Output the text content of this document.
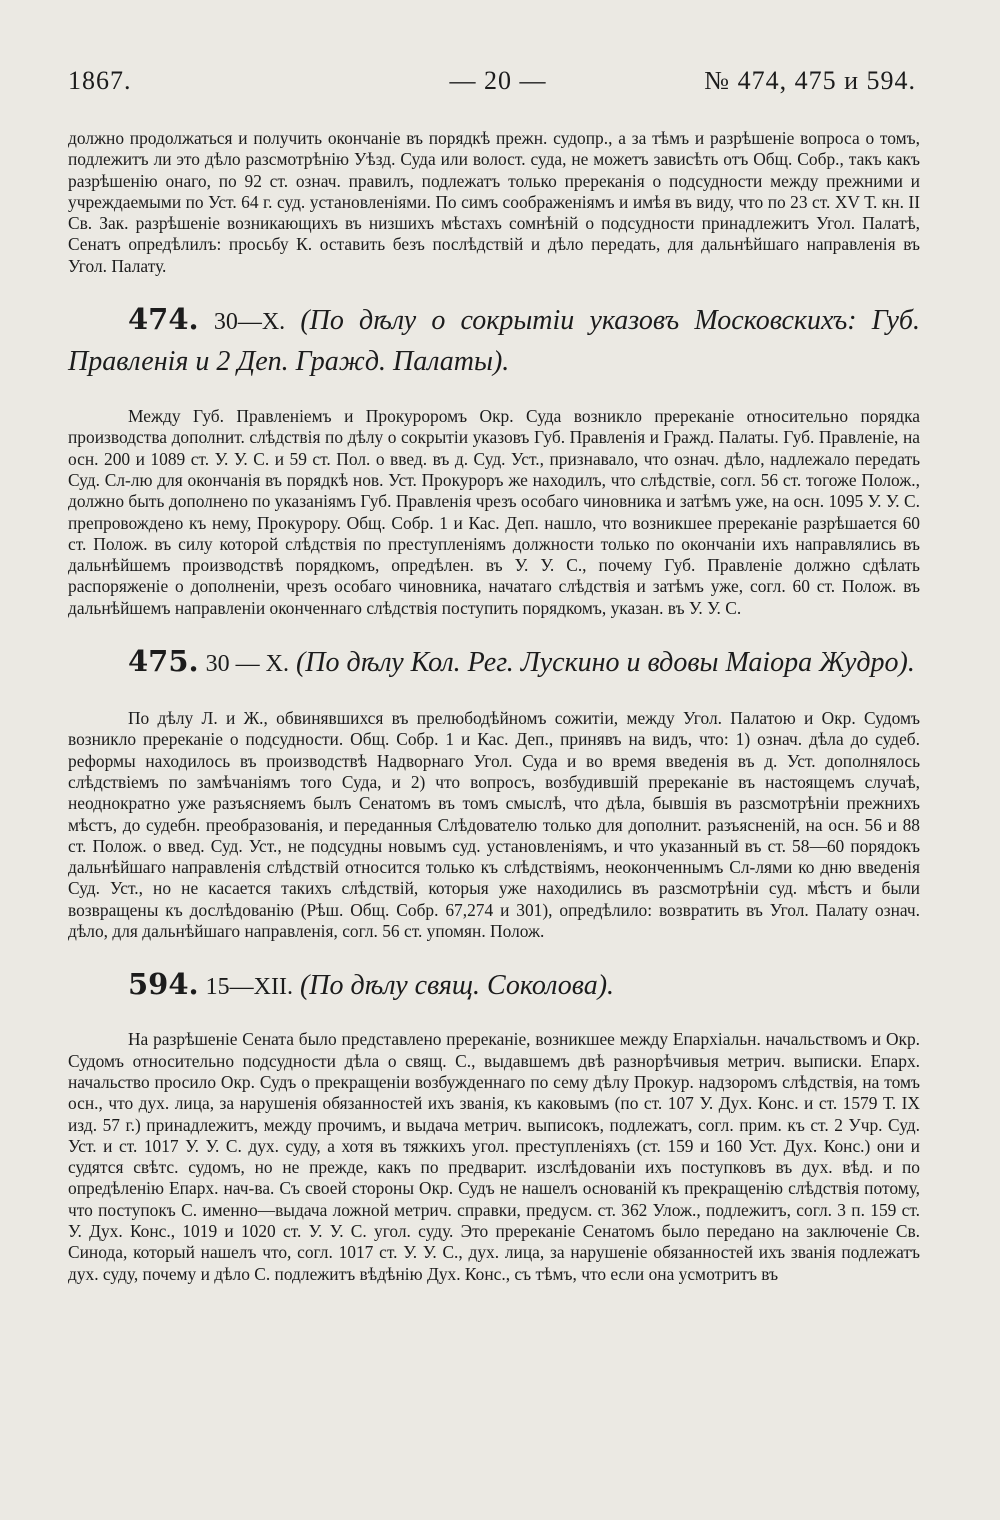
1867.	— 20 —	№ 474, 475 и 594.

должно продолжаться и получить окончаніе въ порядкѣ прежн. судопр., а за тѣмъ и разрѣшеніе вопроса о томъ, подлежитъ ли это дѣло разсмотрѣнію Уѣзд. Суда или волост. суда, не можетъ зависѣть отъ Общ. Собр., такъ какъ разрѣшенію онаго, по 92 ст. означ. правилъ, подлежатъ только пререканія о подсудности между прежними и учреждаемыми по Уст. 64 г. суд. установленіями. По симъ соображеніямъ и имѣя въ виду, что по 23 ст. XV Т. кн. II Св. Зак. разрѣшеніе возникающихъ въ низшихъ мѣстахъ сомнѣній о подсудности принадлежитъ Угол. Палатѣ, Сенатъ опредѣлилъ: просьбу К. оставить безъ послѣдствій и дѣло передать, для дальнѣйшаго направленія въ Угол. Палату.

474. 30—X. (По дѣлу о сокрытіи указовъ Московскихъ: Губ. Правленія и 2 Деп. Гражд. Палаты).

Между Губ. Правленіемъ и Прокуроромъ Окр. Суда возникло пререканіе относительно порядка производства дополнит. слѣдствія по дѣлу о сокрытіи указовъ Губ. Правленія и Гражд. Палаты. Губ. Правленіе, на осн. 200 и 1089 ст. У. У. С. и 59 ст. Пол. о введ. въ д. Суд. Уст., признавало, что означ. дѣло, надлежало передать Суд. Сл-лю для окончанія въ порядкѣ нов. Уст. Прокуроръ же находилъ, что слѣдствіе, согл. 56 ст. тогоже Полож., должно быть дополнено по указаніямъ Губ. Правленія чрезъ особаго чиновника и затѣмъ уже, на осн. 1095 У. У. С. препровождено къ нему, Прокурору. Общ. Собр. 1 и Кас. Деп. нашло, что возникшее пререканіе разрѣшается 60 ст. Полож. въ силу которой слѣдствія по преступленіямъ должности только по окончаніи ихъ направлялись въ дальнѣйшемъ производствѣ порядкомъ, опредѣлен. въ У. У. С., почему Губ. Правленіе должно сдѣлать распоряженіе о дополненіи, чрезъ особаго чиновника, начатаго слѣдствія и затѣмъ уже, согл. 60 ст. Полож. въ дальнѣйшемъ направленіи оконченнаго слѣдствія поступить порядкомъ, указан. въ У. У. С.

475. 30 — X. (По дѣлу Кол. Рег. Лускино и вдовы Маіора Жудро).

По дѣлу Л. и Ж., обвинявшихся въ прелюбодѣйномъ сожитіи, между Угол. Палатою и Окр. Судомъ возникло пререканіе о подсудности. Общ. Собр. 1 и Кас. Деп., принявъ на видъ, что: 1) означ. дѣла до судеб. реформы находилось въ производствѣ Надворнаго Угол. Суда и во время введенія въ д. Уст. дополнялось слѣдствіемъ по замѣчаніямъ того Суда, и 2) что вопросъ, возбудившій пререканіе въ настоящемъ случаѣ, неоднократно уже разъясняемъ былъ Сенатомъ въ томъ смыслѣ, что дѣла, бывшія въ разсмотрѣніи прежнихъ мѣстъ, до судебн. преобразованія, и переданныя Слѣдователю только для дополнит. разъясненій, на осн. 56 и 88 ст. Полож. о введ. Суд. Уст., не подсудны новымъ суд. установленіямъ, и что указанный въ ст. 58—60 порядокъ дальнѣйшаго направленія слѣдствій относится только къ слѣдствіямъ, неоконченнымъ Сл-лями ко дню введенія Суд. Уст., но не касается такихъ слѣдствій, которыя уже находились въ разсмотрѣніи суд. мѣстъ и были возвращены къ дослѣдованію (Рѣш. Общ. Собр. 67,274 и 301), опредѣлило: возвратить въ Угол. Палату означ. дѣло, для дальнѣйшаго направленія, согл. 56 ст. упомян. Полож.

594. 15—XII. (По дѣлу свящ. Соколова).

На разрѣшеніе Сената было представлено пререканіе, возникшее между Епархіальн. начальствомъ и Окр. Судомъ относительно подсудности дѣла о свящ. С., выдавшемъ двѣ разнорѣчивыя метрич. выписки. Епарх. начальство просило Окр. Судъ о прекращеніи возбужденнаго по сему дѣлу Прокур. надзоромъ слѣдствія, на томъ осн., что дух. лица, за нарушенія обязанностей ихъ званія, къ каковымъ (по ст. 107 У. Дух. Конс. и ст. 1579 Т. IX изд. 57 г.) принадлежитъ, между прочимъ, и выдача метрич. выписокъ, подлежатъ, согл. прим. къ ст. 2 Учр. Суд. Уст. и ст. 1017 У. У. С. дух. суду, а хотя въ тяжкихъ угол. преступленіяхъ (ст. 159 и 160 Уст. Дух. Конс.) они и судятся свѣтс. судомъ, но не прежде, какъ по предварит. изслѣдованіи ихъ поступковъ въ дух. вѣд. и по опредѣленію Епарх. нач-ва. Съ своей стороны Окр. Судъ не нашелъ основаній къ прекращенію слѣдствія потому, что поступокъ С. именно—выдача ложной метрич. справки, предусм. ст. 362 Улож., подлежитъ, согл. 3 п. 159 ст. У. Дух. Конс., 1019 и 1020 ст. У. У. С. угол. суду. Это пререканіе Сенатомъ было передано на заключеніе Св. Синода, который нашелъ что, согл. 1017 ст. У. У. С., дух. лица, за нарушеніе обязанностей ихъ званія подлежатъ дух. суду, почему и дѣло С. подлежитъ вѣдѣнію Дух. Конс., съ тѣмъ, что если она усмотритъ въ
